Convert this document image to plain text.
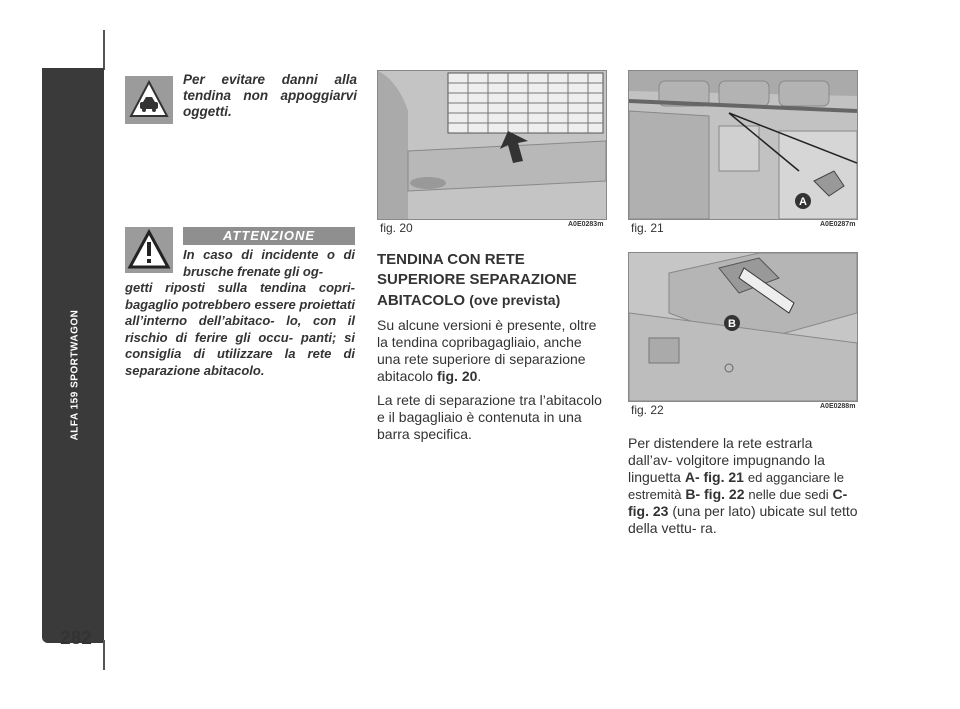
ALFA 159 SPORTWAGON
282
Per evitare danni alla tendina non appoggiarvi oggetti.
ATTENZIONE
In caso di incidente o di brusche frenate gli og-
getti riposti sulla tendina copri- bagaglio potrebbero essere proiettati all’interno dell’abitaco- lo, con il rischio di ferire gli occu- panti; si consiglia di utilizzare la rete di separazione abitacolo.
fig. 20	A0E0283m
A
fig. 21	A0E0287m
B
fig. 22	A0E0288m
TENDINA CON RETE SUPERIORE SEPARAZIONE ABITACOLO (ove prevista)

Su alcune versioni è presente, oltre la tendina copribagagliaio, anche una rete superiore di separazione abitacolo fig. 20.

La rete di separazione tra l’abitacolo e il bagagliaio è contenuta in una barra specifica.

Per distendere la rete estrarla dall’av- volgitore impugnando la linguetta A- fig. 21 ed agganciare le estremità B- fig. 22 nelle due sedi C-fig. 23 (una per lato) ubicate sul tetto della vettu- ra.
